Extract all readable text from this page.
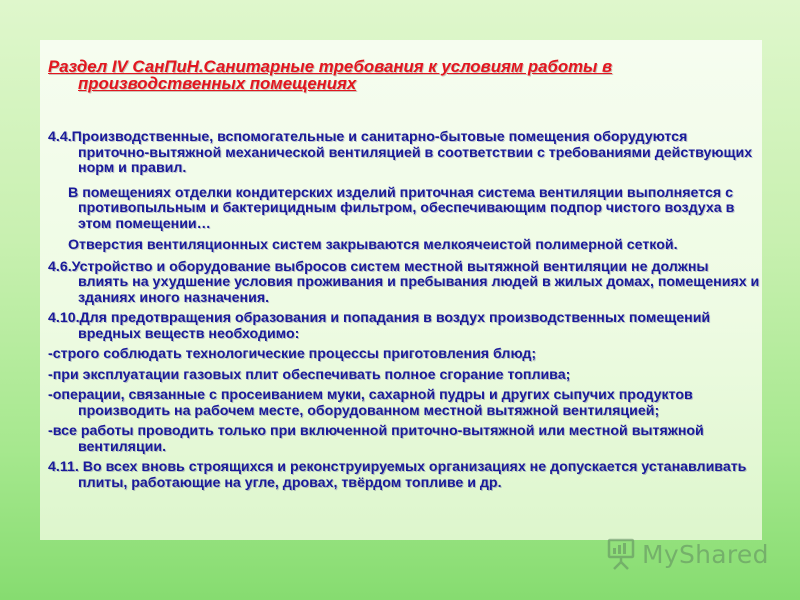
Раздел IV СанПиН.Санитарные требования к условиям работы в производственных помещениях
4.4.Производственные, вспомогательные и санитарно-бытовые помещения оборудуются приточно-вытяжной механической вентиляцией в соответствии с требованиями действующих норм и правил.
В помещениях отделки кондитерских изделий приточная система вентиляции выполняется с противопыльным и бактерицидным фильтром, обеспечивающим подпор чистого воздуха в этом помещении…
Отверстия вентиляционных систем закрываются мелкоячеистой полимерной сеткой.
4.6.Устройство и оборудование выбросов систем местной вытяжной вентиляции не должны влиять на ухудшение условия проживания и пребывания людей в жилых домах, помещениях и зданиях иного назначения.
4.10.Для предотвращения образования и попадания в воздух производственных помещений вредных веществ необходимо:
-строго соблюдать технологические процессы приготовления блюд;
-при эксплуатации газовых плит обеспечивать полное сгорание топлива;
-операции, связанные с просеиванием муки, сахарной пудры и других сыпучих продуктов производить на рабочем месте, оборудованном местной вытяжной вентиляцией;
-все работы проводить только при включенной приточно-вытяжной или местной вытяжной вентиляции.
4.11. Во всех вновь строящихся и реконструируемых организациях не допускается устанавливать плиты, работающие на угле, дровах, твёрдом топливе и др.
MyShared
